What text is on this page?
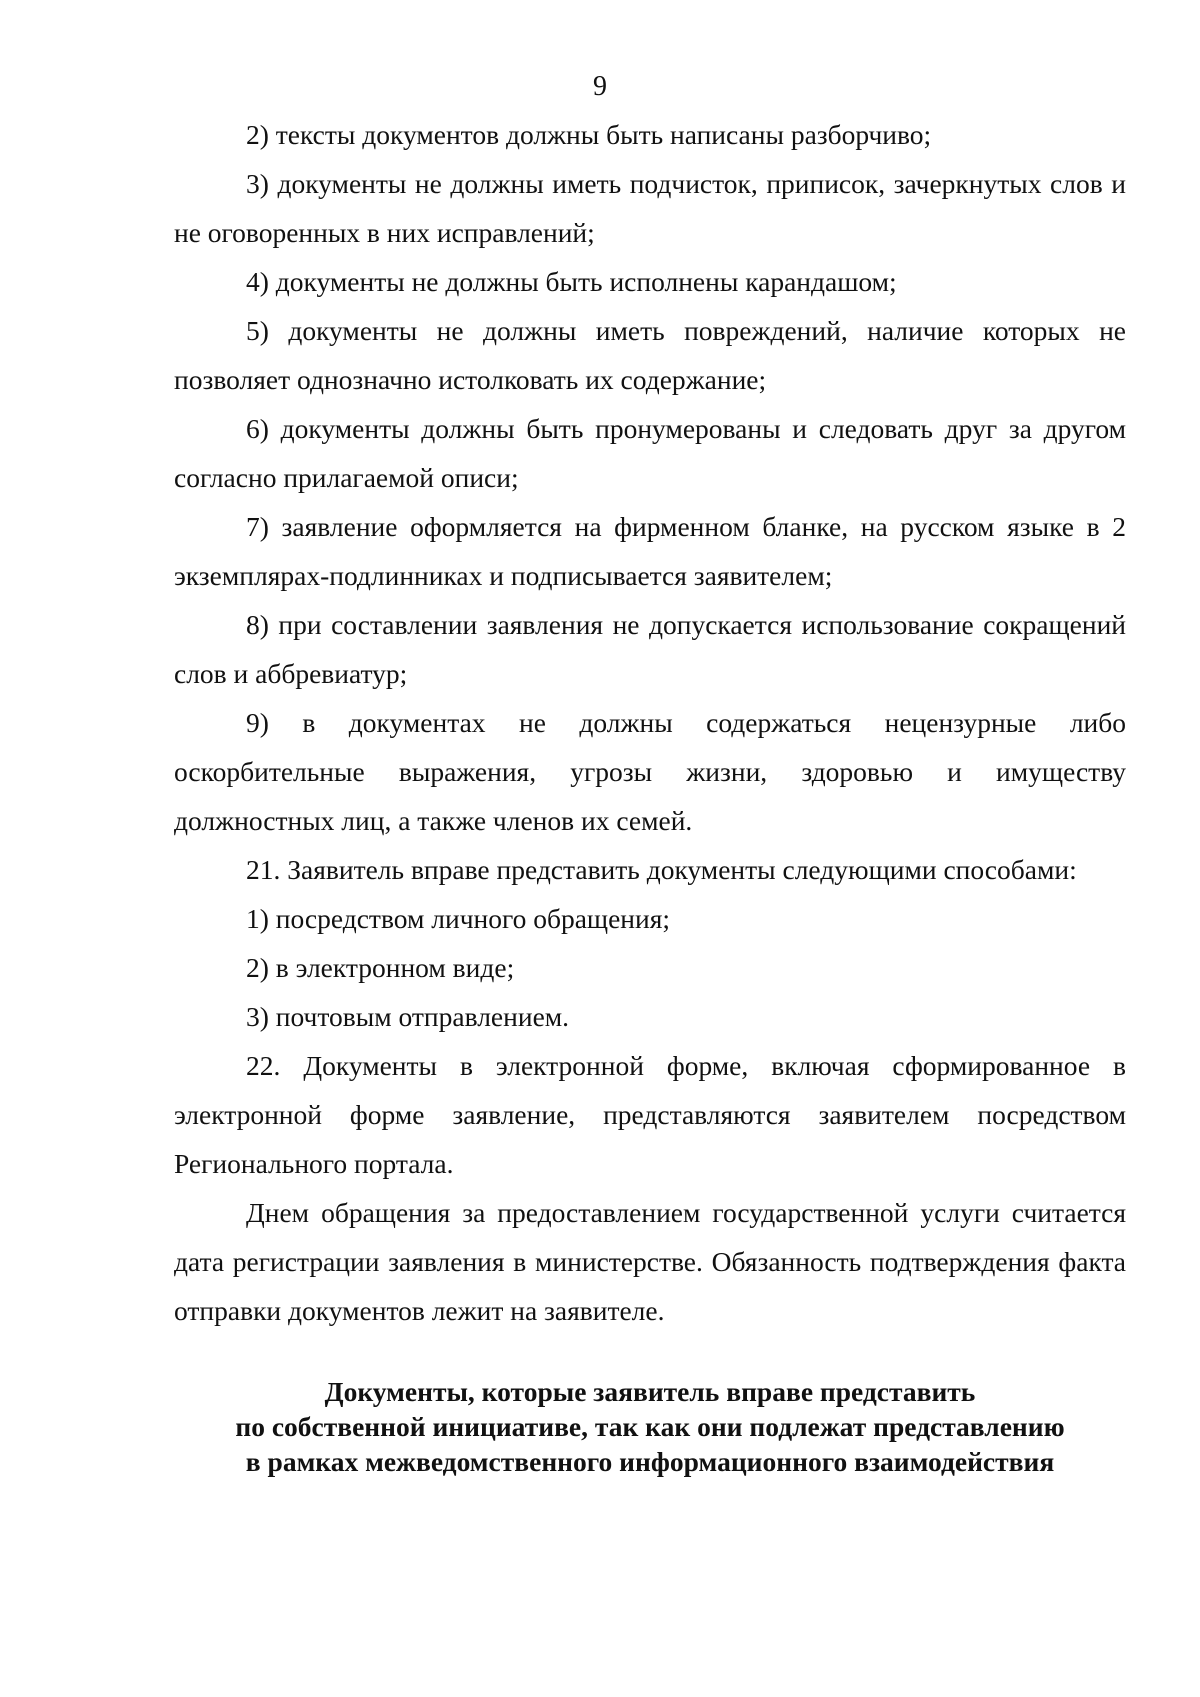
9

2) тексты документов должны быть написаны разборчиво;

3) документы не должны иметь подчисток, приписок, зачеркнутых слов и не оговоренных в них исправлений;

4) документы не должны быть исполнены карандашом;

5) документы не должны иметь повреждений, наличие которых не позволяет однозначно истолковать их содержание;

6) документы должны быть пронумерованы и следовать друг за другом согласно прилагаемой описи;

7) заявление оформляется на фирменном бланке, на русском языке в 2 экземплярах-подлинниках и подписывается заявителем;

8) при составлении заявления не допускается использование сокращений слов и аббревиатур;

9) в документах не должны содержаться нецензурные либо оскорбительные выражения, угрозы жизни, здоровью и имуществу должностных лиц, а также членов их семей.

21. Заявитель вправе представить документы следующими способами:

1) посредством личного обращения;

2) в электронном виде;

3) почтовым отправлением.

22. Документы в электронной форме, включая сформированное в электронной форме заявление, представляются заявителем посредством Регионального портала.

Днем обращения за предоставлением государственной услуги считается дата регистрации заявления в министерстве. Обязанность подтверждения факта отправки документов лежит на заявителе.

Документы, которые заявитель вправе представить
по собственной инициативе, так как они подлежат представлению
в рамках межведомственного информационного взаимодействия
